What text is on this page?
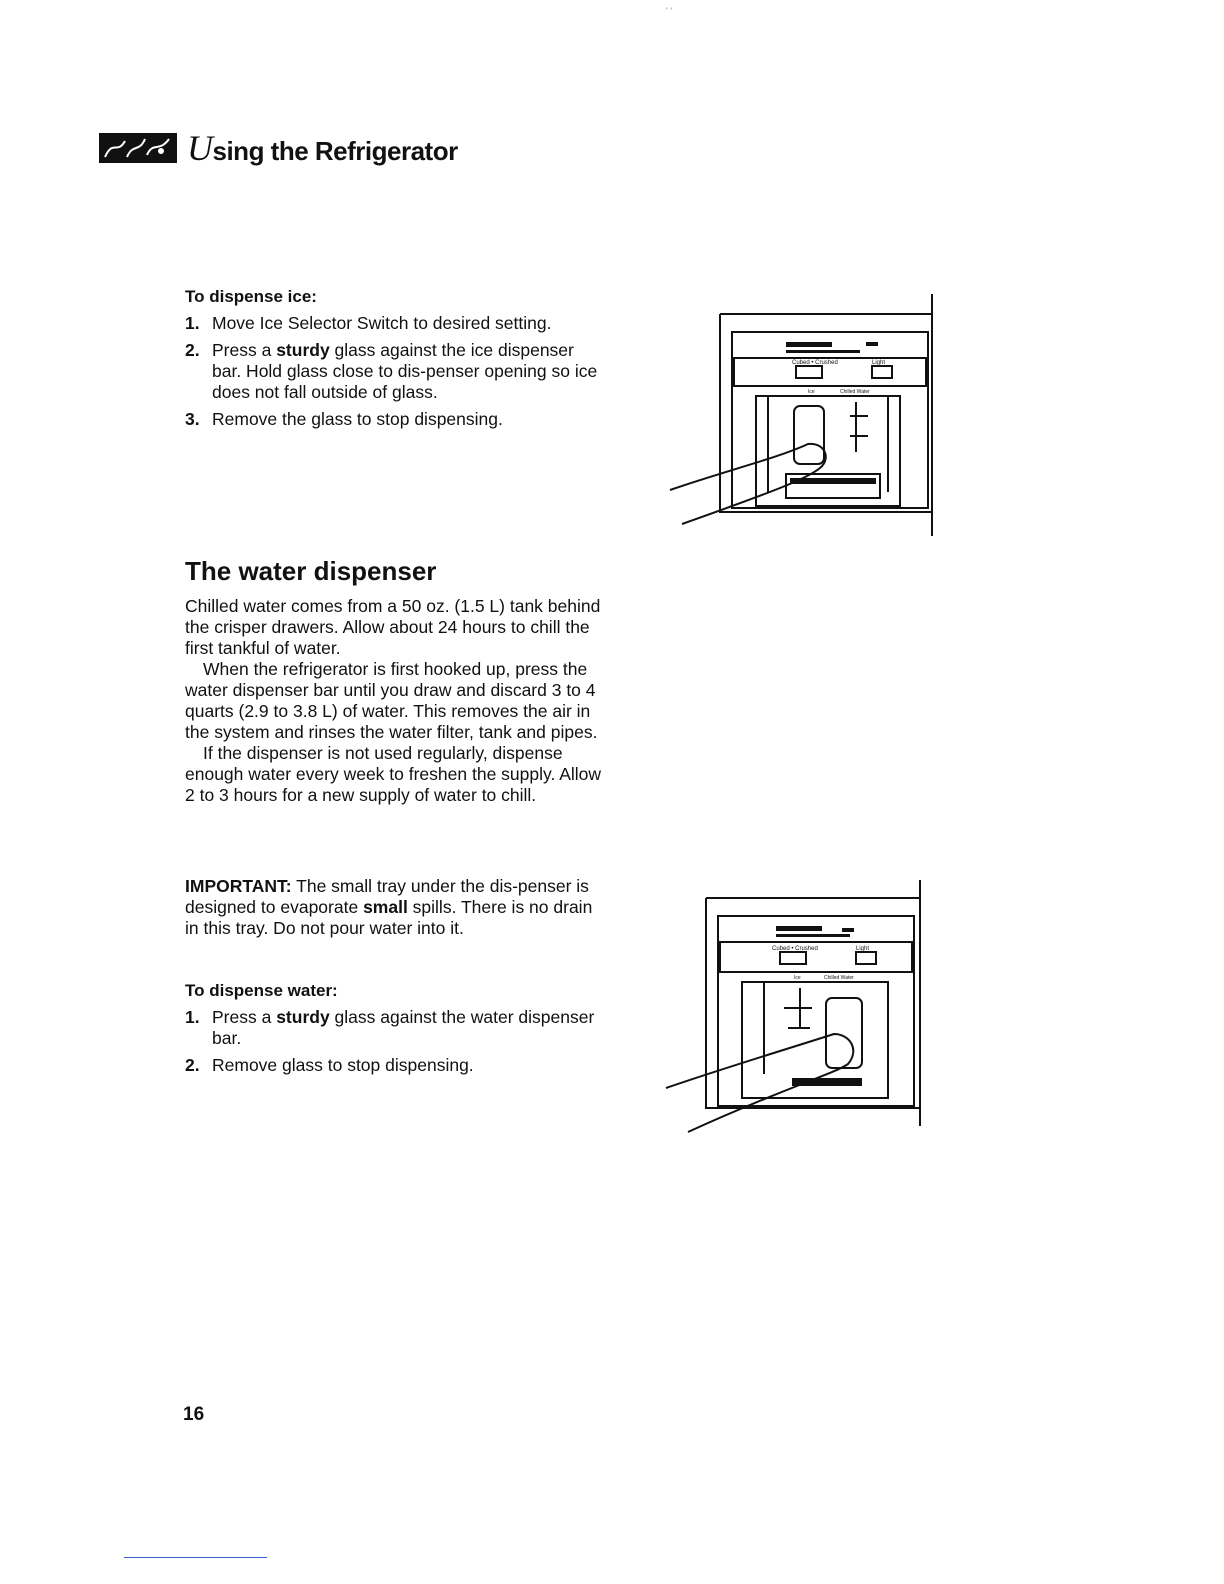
' '
Using the Refrigerator

To dispense ice:

1. Move Ice Selector Switch to desired setting.
2. Press a sturdy glass against the ice dispenser bar. Hold glass close to dis-penser opening so ice does not fall outside of glass.
3. Remove the glass to stop dispensing.
Cubed • Crushed	Light
Ice	Chilled Water
The water dispenser

Chilled water comes from a 50 oz. (1.5 L) tank behind the crisper drawers. Allow about 24 hours to chill the first tankful of water.

When the refrigerator is first hooked up, press the water dispenser bar until you draw and discard 3 to 4 quarts (2.9 to 3.8 L) of water. This removes the air in the system and rinses the water filter, tank and pipes.

If the dispenser is not used regularly, dispense enough water every week to freshen the supply. Allow 2 to 3 hours for a new supply of water to chill.

IMPORTANT: The small tray under the dis-penser is designed to evaporate small spills. There is no drain in this tray. Do not pour water into it.

To dispense water:

1. Press a sturdy glass against the water dispenser bar.
2. Remove glass to stop dispensing.
Cubed • Crushed	Light
Ice	Chilled Water
16
